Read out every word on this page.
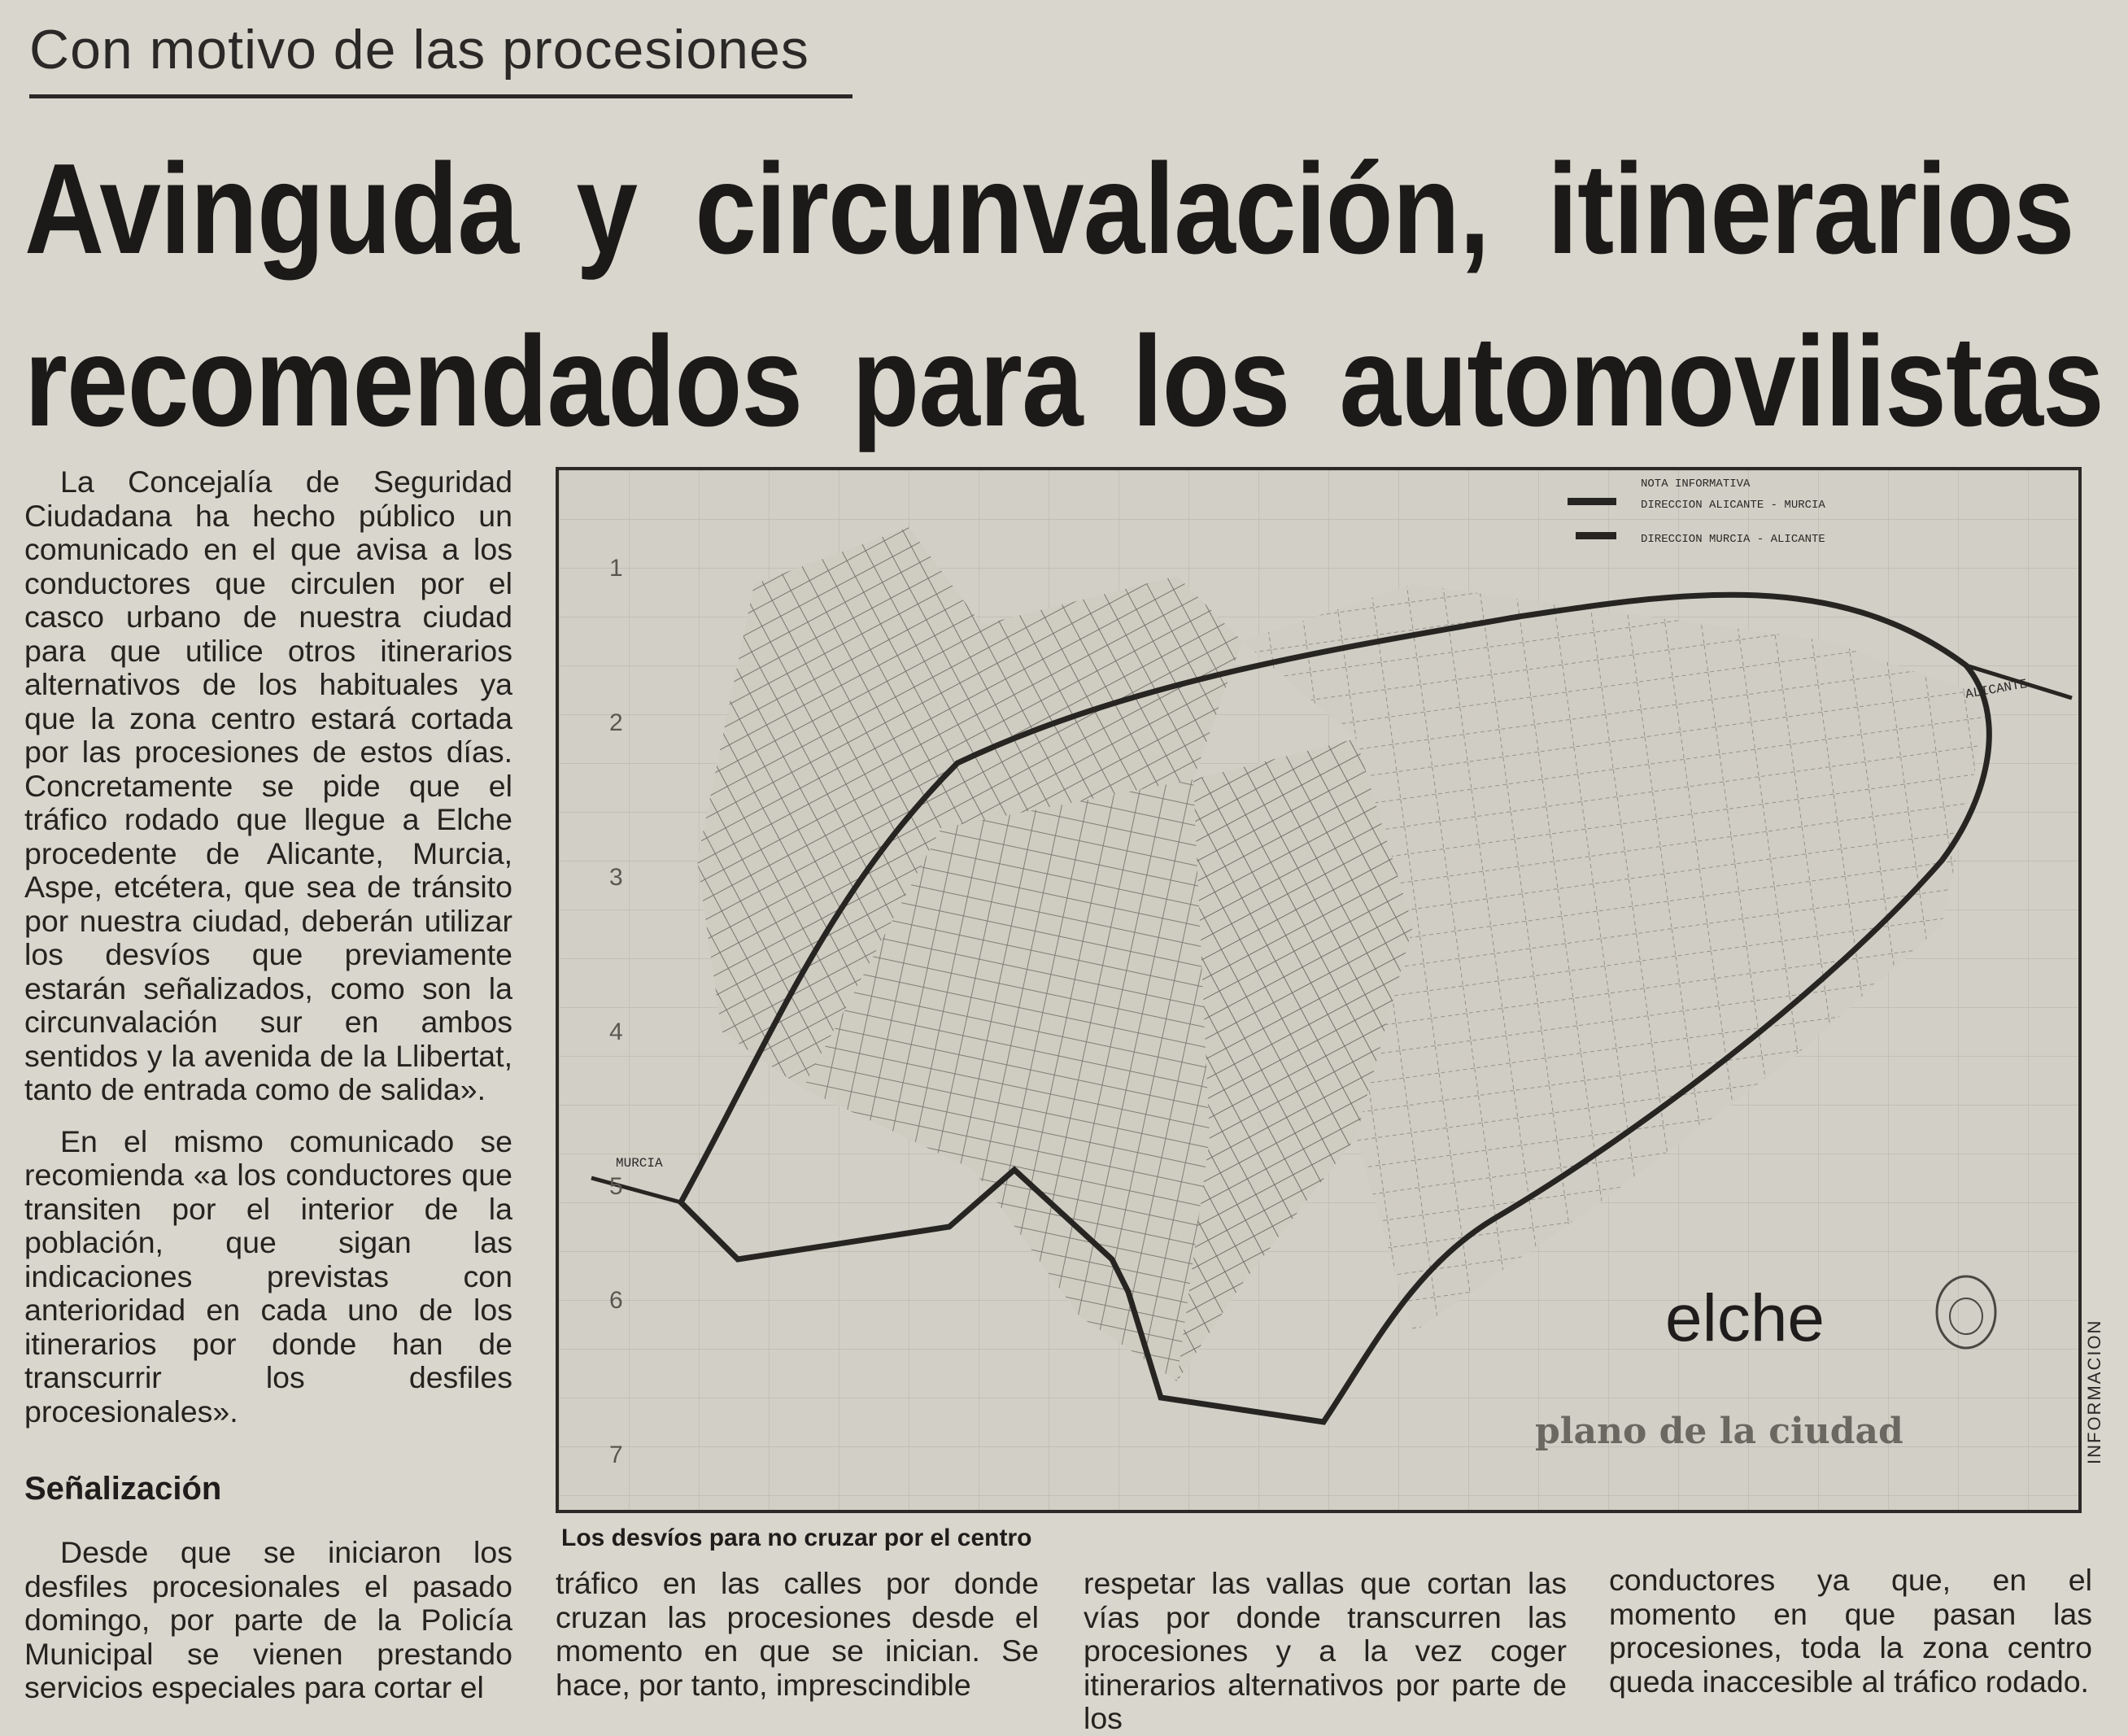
Con motivo de las procesiones
Avinguda y circunvalación, itinerarios
recomendados para los automovilistas

La Concejalía de Seguridad Ciudadana ha hecho público un comunicado en el que avisa a los conductores que circulen por el casco urbano de nuestra ciudad para que utilice otros itinerarios alternativos de los habituales ya que la zona centro estará cortada por las procesiones de estos días. Concretamente se pide que el tráfico rodado que llegue a Elche procedente de Alicante, Murcia, Aspe, etcétera, que sea de tránsito por nuestra ciudad, deberán utilizar los desvíos que previamente estarán señalizados, como son la circunvalación sur en ambos sentidos y la avenida de la Llibertat, tanto de entrada como de salida».

En el mismo comunicado se recomienda «a los conductores que transiten por el interior de la población, que sigan las indicaciones previstas con anterioridad en cada uno de los itinerarios por donde han de transcurrir los desfiles procesionales».

Señalización

Desde que se iniciaron los desfiles procesionales el pasado domingo, por parte de la Policía Municipal se vienen prestando servicios especiales para cortar el

1
2
3
4
5
6
7
NOTA INFORMATIVA
DIRECCION ALICANTE - MURCIA
DIRECCION MURCIA - ALICANTE
ALICANTE
MURCIA
elche
plano de la ciudad
Los desvíos para no cruzar por el centro

tráfico en las calles por donde cruzan las procesiones desde el momento en que se inician. Se hace, por tanto, imprescindible

respetar las vallas que cortan las vías por donde transcurren las procesiones y a la vez coger itinerarios alternativos por parte de los

conductores ya que, en el momento en que pasan las procesiones, toda la zona centro queda inaccesible al tráfico rodado.

INFORMACION
